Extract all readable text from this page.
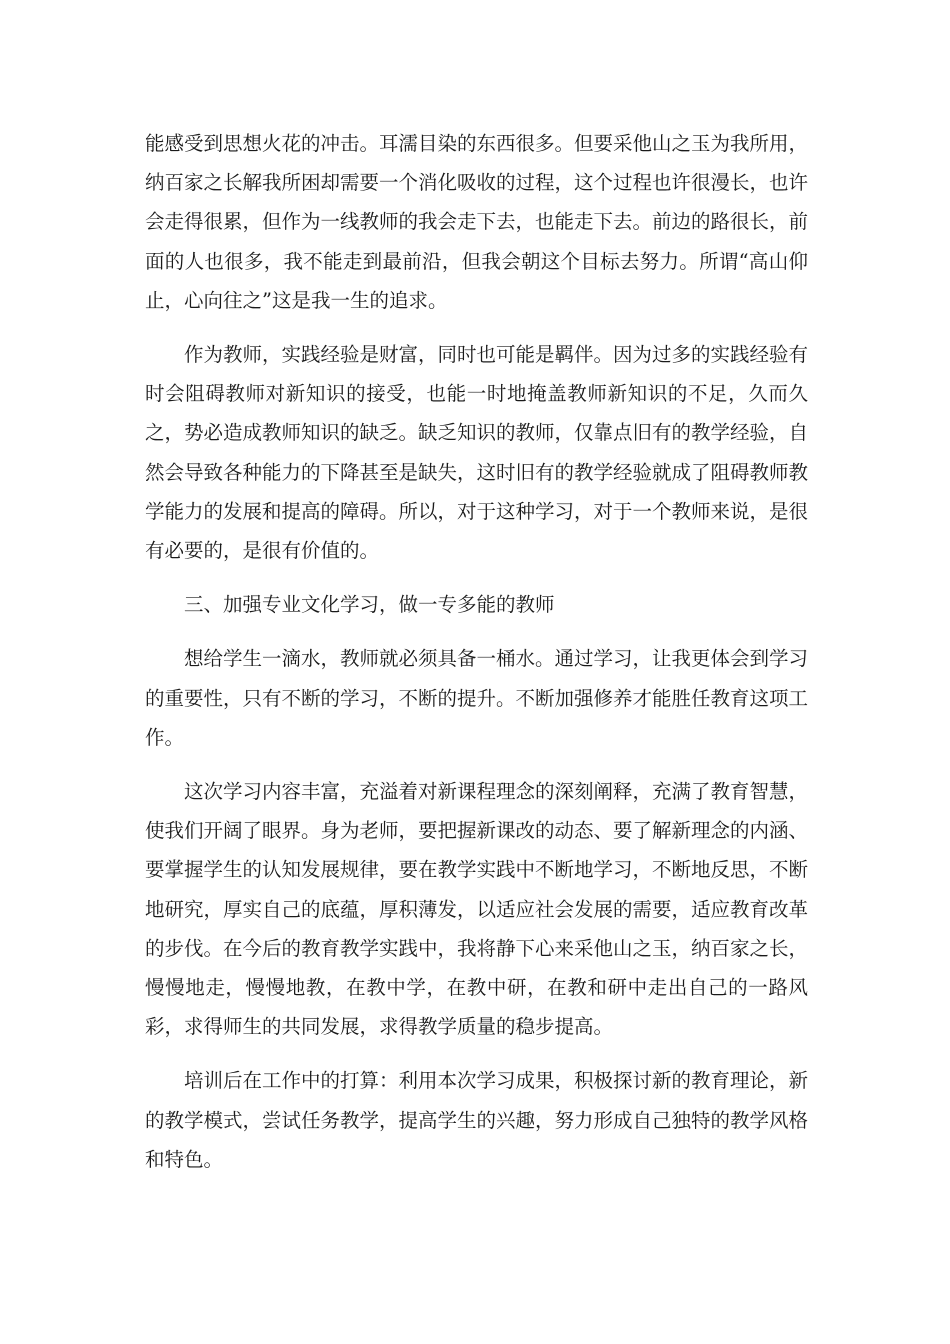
能感受到思想火花的冲击。耳濡目染的东西很多。但要采他山之玉为我所用，纳百家之长解我所困却需要一个消化吸收的过程，这个过程也许很漫长，也许会走得很累，但作为一线教师的我会走下去，也能走下去。前边的路很长，前面的人也很多，我不能走到最前沿，但我会朝这个目标去努力。所谓“高山仰止，心向往之”这是我一生的追求。

作为教师，实践经验是财富，同时也可能是羁伴。因为过多的实践经验有时会阻碍教师对新知识的接受，也能一时地掩盖教师新知识的不足，久而久之，势必造成教师知识的缺乏。缺乏知识的教师，仅靠点旧有的教学经验，自然会导致各种能力的下降甚至是缺失，这时旧有的教学经验就成了阻碍教师教学能力的发展和提高的障碍。所以，对于这种学习，对于一个教师来说，是很有必要的，是很有价值的。

三、加强专业文化学习，做一专多能的教师

想给学生一滴水，教师就必须具备一桶水。通过学习，让我更体会到学习的重要性，只有不断的学习，不断的提升。不断加强修养才能胜任教育这项工作。

这次学习内容丰富，充溢着对新课程理念的深刻阐释，充满了教育智慧，使我们开阔了眼界。身为老师，要把握新课改的动态、要了解新理念的内涵、要掌握学生的认知发展规律，要在教学实践中不断地学习，不断地反思，不断地研究，厚实自己的底蕴，厚积薄发，以适应社会发展的需要，适应教育改革的步伐。在今后的教育教学实践中，我将静下心来采他山之玉，纳百家之长，慢慢地走，慢慢地教，在教中学，在教中研，在教和研中走出自己的一路风彩，求得师生的共同发展，求得教学质量的稳步提高。

培训后在工作中的打算：利用本次学习成果，积极探讨新的教育理论，新的教学模式，尝试任务教学，提高学生的兴趣，努力形成自己独特的教学风格和特色。
